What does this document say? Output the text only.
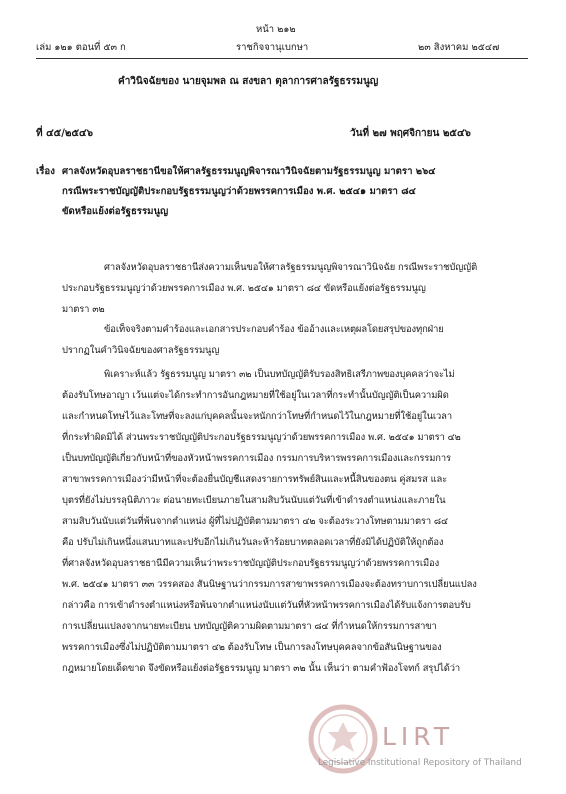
หน้า ๒๑๒
เล่ม ๑๒๑ ตอนที่ ๕๓ ก	ราชกิจจานุเบกษา	๒๓ สิงหาคม ๒๕๔๗
คำวินิจฉัยของ นายจุมพล ณ สงขลา ตุลาการศาลรัฐธรรมนูญ
ที่ ๔๕/๒๕๔๖	วันที่ ๒๗ พฤศจิกายน ๒๕๔๖
เรื่อง ศาลจังหวัดอุบลราชธานีขอให้ศาลรัฐธรรมนูญพิจารณาวินิจฉัยตามรัฐธรรมนูญ มาตรา ๒๖๔
กรณีพระราชบัญญัติประกอบรัฐธรรมนูญว่าด้วยพรรคการเมือง พ.ศ. ๒๕๔๑ มาตรา ๘๔
ขัดหรือแย้งต่อรัฐธรรมนูญ
ศาลจังหวัดอุบลราชธานีส่งความเห็นขอให้ศาลรัฐธรรมนูญพิจารณาวินิจฉัย กรณีพระราชบัญญัติ
ประกอบรัฐธรรมนูญว่าด้วยพรรคการเมือง พ.ศ. ๒๕๔๑ มาตรา ๘๔ ขัดหรือแย้งต่อรัฐธรรมนูญ
มาตรา ๓๒
ข้อเท็จจริงตามคำร้องและเอกสารประกอบคำร้อง ข้ออ้างและเหตุผลโดยสรุปของทุกฝ่าย
ปรากฏในคำวินิจฉัยของศาลรัฐธรรมนูญ
พิเคราะห์แล้ว รัฐธรรมนูญ มาตรา ๓๒ เป็นบทบัญญัติรับรองสิทธิเสรีภาพของบุคคลว่าจะไม่
ต้องรับโทษอาญา เว้นแต่จะได้กระทำการอันกฎหมายที่ใช้อยู่ในเวลาที่กระทำนั้นบัญญัติเป็นความผิด
และกำหนดโทษไว้และโทษที่จะลงแก่บุคคลนั้นจะหนักกว่าโทษที่กำหนดไว้ในกฎหมายที่ใช้อยู่ในเวลา
ที่กระทำผิดมิได้ ส่วนพระราชบัญญัติประกอบรัฐธรรมนูญว่าด้วยพรรคการเมือง พ.ศ. ๒๕๔๑ มาตรา ๔๒
เป็นบทบัญญัติเกี่ยวกับหน้าที่ของหัวหน้าพรรคการเมือง กรรมการบริหารพรรคการเมืองและกรรมการ
สาขาพรรคการเมืองว่ามีหน้าที่จะต้องยื่นบัญชีแสดงรายการทรัพย์สินและหนี้สินของตน คู่สมรส และ
บุตรที่ยังไม่บรรลุนิติภาวะ ต่อนายทะเบียนภายในสามสิบวันนับแต่วันที่เข้าดำรงตำแหน่งและภายใน
สามสิบวันนับแต่วันที่พ้นจากตำแหน่ง ผู้ที่ไม่ปฏิบัติตามมาตรา ๔๒ จะต้องระวางโทษตามมาตรา ๘๔
คือ ปรับไม่เกินหนึ่งแสนบาทและปรับอีกไม่เกินวันละห้าร้อยบาทตลอดเวลาที่ยังมิได้ปฏิบัติให้ถูกต้อง
ที่ศาลจังหวัดอุบลราชธานีมีความเห็นว่าพระราชบัญญัติประกอบรัฐธรรมนูญว่าด้วยพรรคการเมือง
พ.ศ. ๒๕๔๑ มาตรา ๓๓ วรรคสอง สันนิษฐานว่ากรรมการสาขาพรรคการเมืองจะต้องทราบการเปลี่ยนแปลง
กล่าวคือ การเข้าดำรงตำแหน่งหรือพ้นจากตำแหน่งนับแต่วันที่หัวหน้าพรรคการเมืองได้รับแจ้งการตอบรับ
การเปลี่ยนแปลงจากนายทะเบียน บทบัญญัติความผิดตามมาตรา ๘๔ ที่กำหนดให้กรรมการสาขา
พรรคการเมืองซึ่งไม่ปฏิบัติตามมาตรา ๔๒ ต้องรับโทษ เป็นการลงโทษบุคคลจากข้อสันนิษฐานของ
กฎหมายโดยเด็ดขาด จึงขัดหรือแย้งต่อรัฐธรรมนูญ มาตรา ๓๒ นั้น เห็นว่า ตามคำฟ้องโจทก์ สรุปได้ว่า
LIRT
Legislative Institutional Repository of Thailand
